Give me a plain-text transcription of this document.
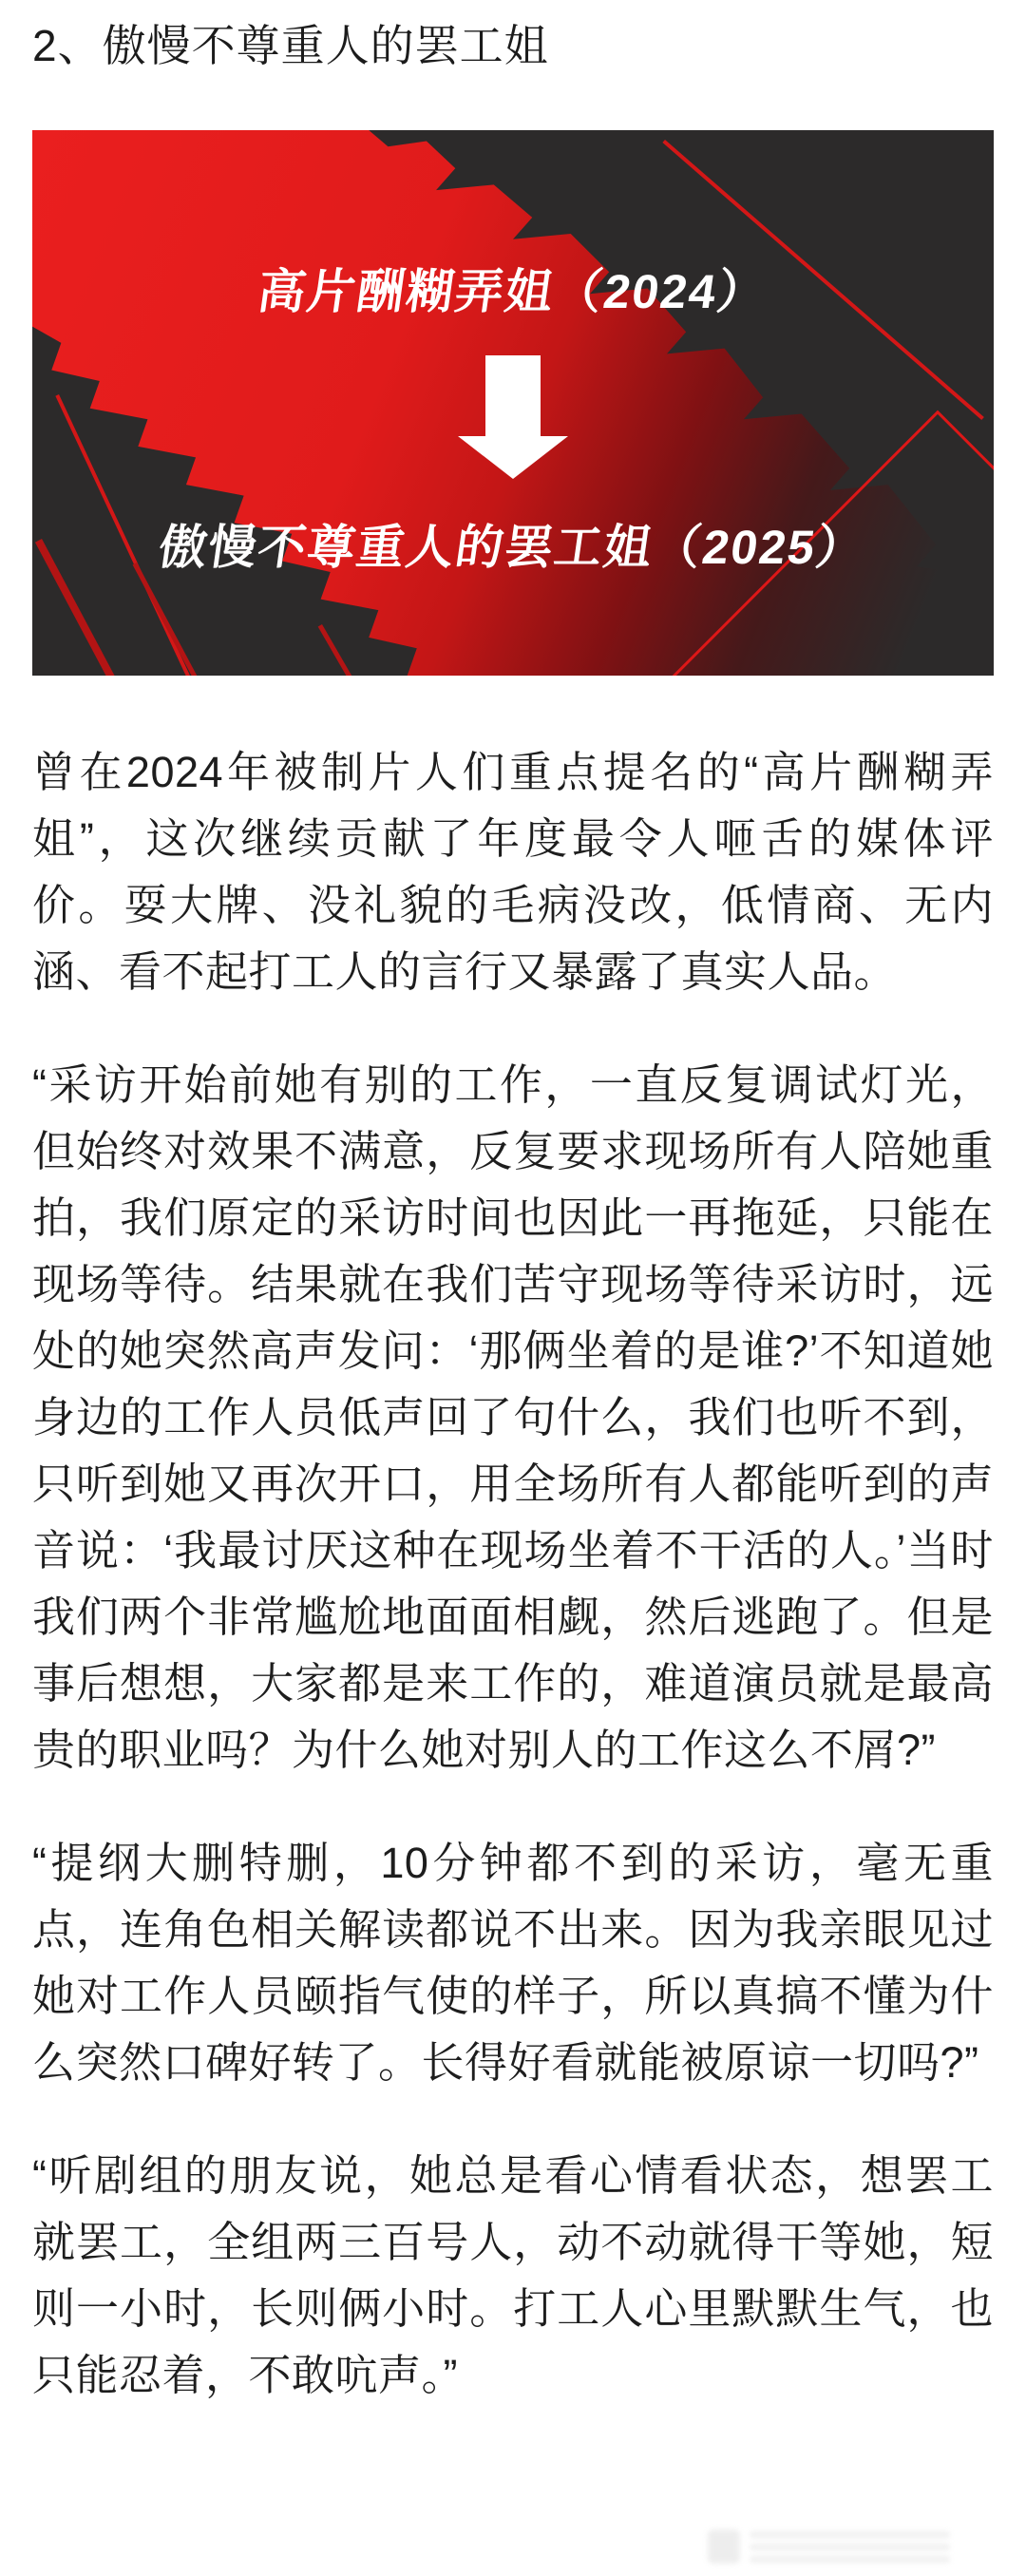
2、傲慢不尊重人的罢工姐
高片酬糊弄姐（2024）
傲慢不尊重人的罢工姐（2025）

曾在2024年被制片人们重点提名的“高片酬糊弄姐”，这次继续贡献了年度最令人咂舌的媒体评价。耍大牌、没礼貌的毛病没改，低情商、无内涵、看不起打工人的言行又暴露了真实人品。

“采访开始前她有别的工作，一直反复调试灯光，但始终对效果不满意，反复要求现场所有人陪她重拍，我们原定的采访时间也因此一再拖延，只能在现场等待。结果就在我们苦守现场等待采访时，远处的她突然高声发问：‘那俩坐着的是谁?’不知道她身边的工作人员低声回了句什么，我们也听不到，只听到她又再次开口，用全场所有人都能听到的声音说：‘我最讨厌这种在现场坐着不干活的人。’当时我们两个非常尴尬地面面相觑，然后逃跑了。但是事后想想，大家都是来工作的，难道演员就是最高贵的职业吗？为什么她对别人的工作这么不屑?”

“提纲大删特删，10分钟都不到的采访，毫无重点，连角色相关解读都说不出来。因为我亲眼见过她对工作人员颐指气使的样子，所以真搞不懂为什么突然口碑好转了。长得好看就能被原谅一切吗?”

“听剧组的朋友说，她总是看心情看状态，想罢工就罢工，全组两三百号人，动不动就得干等她，短则一小时，长则俩小时。打工人心里默默生气，也只能忍着，不敢吭声。”
